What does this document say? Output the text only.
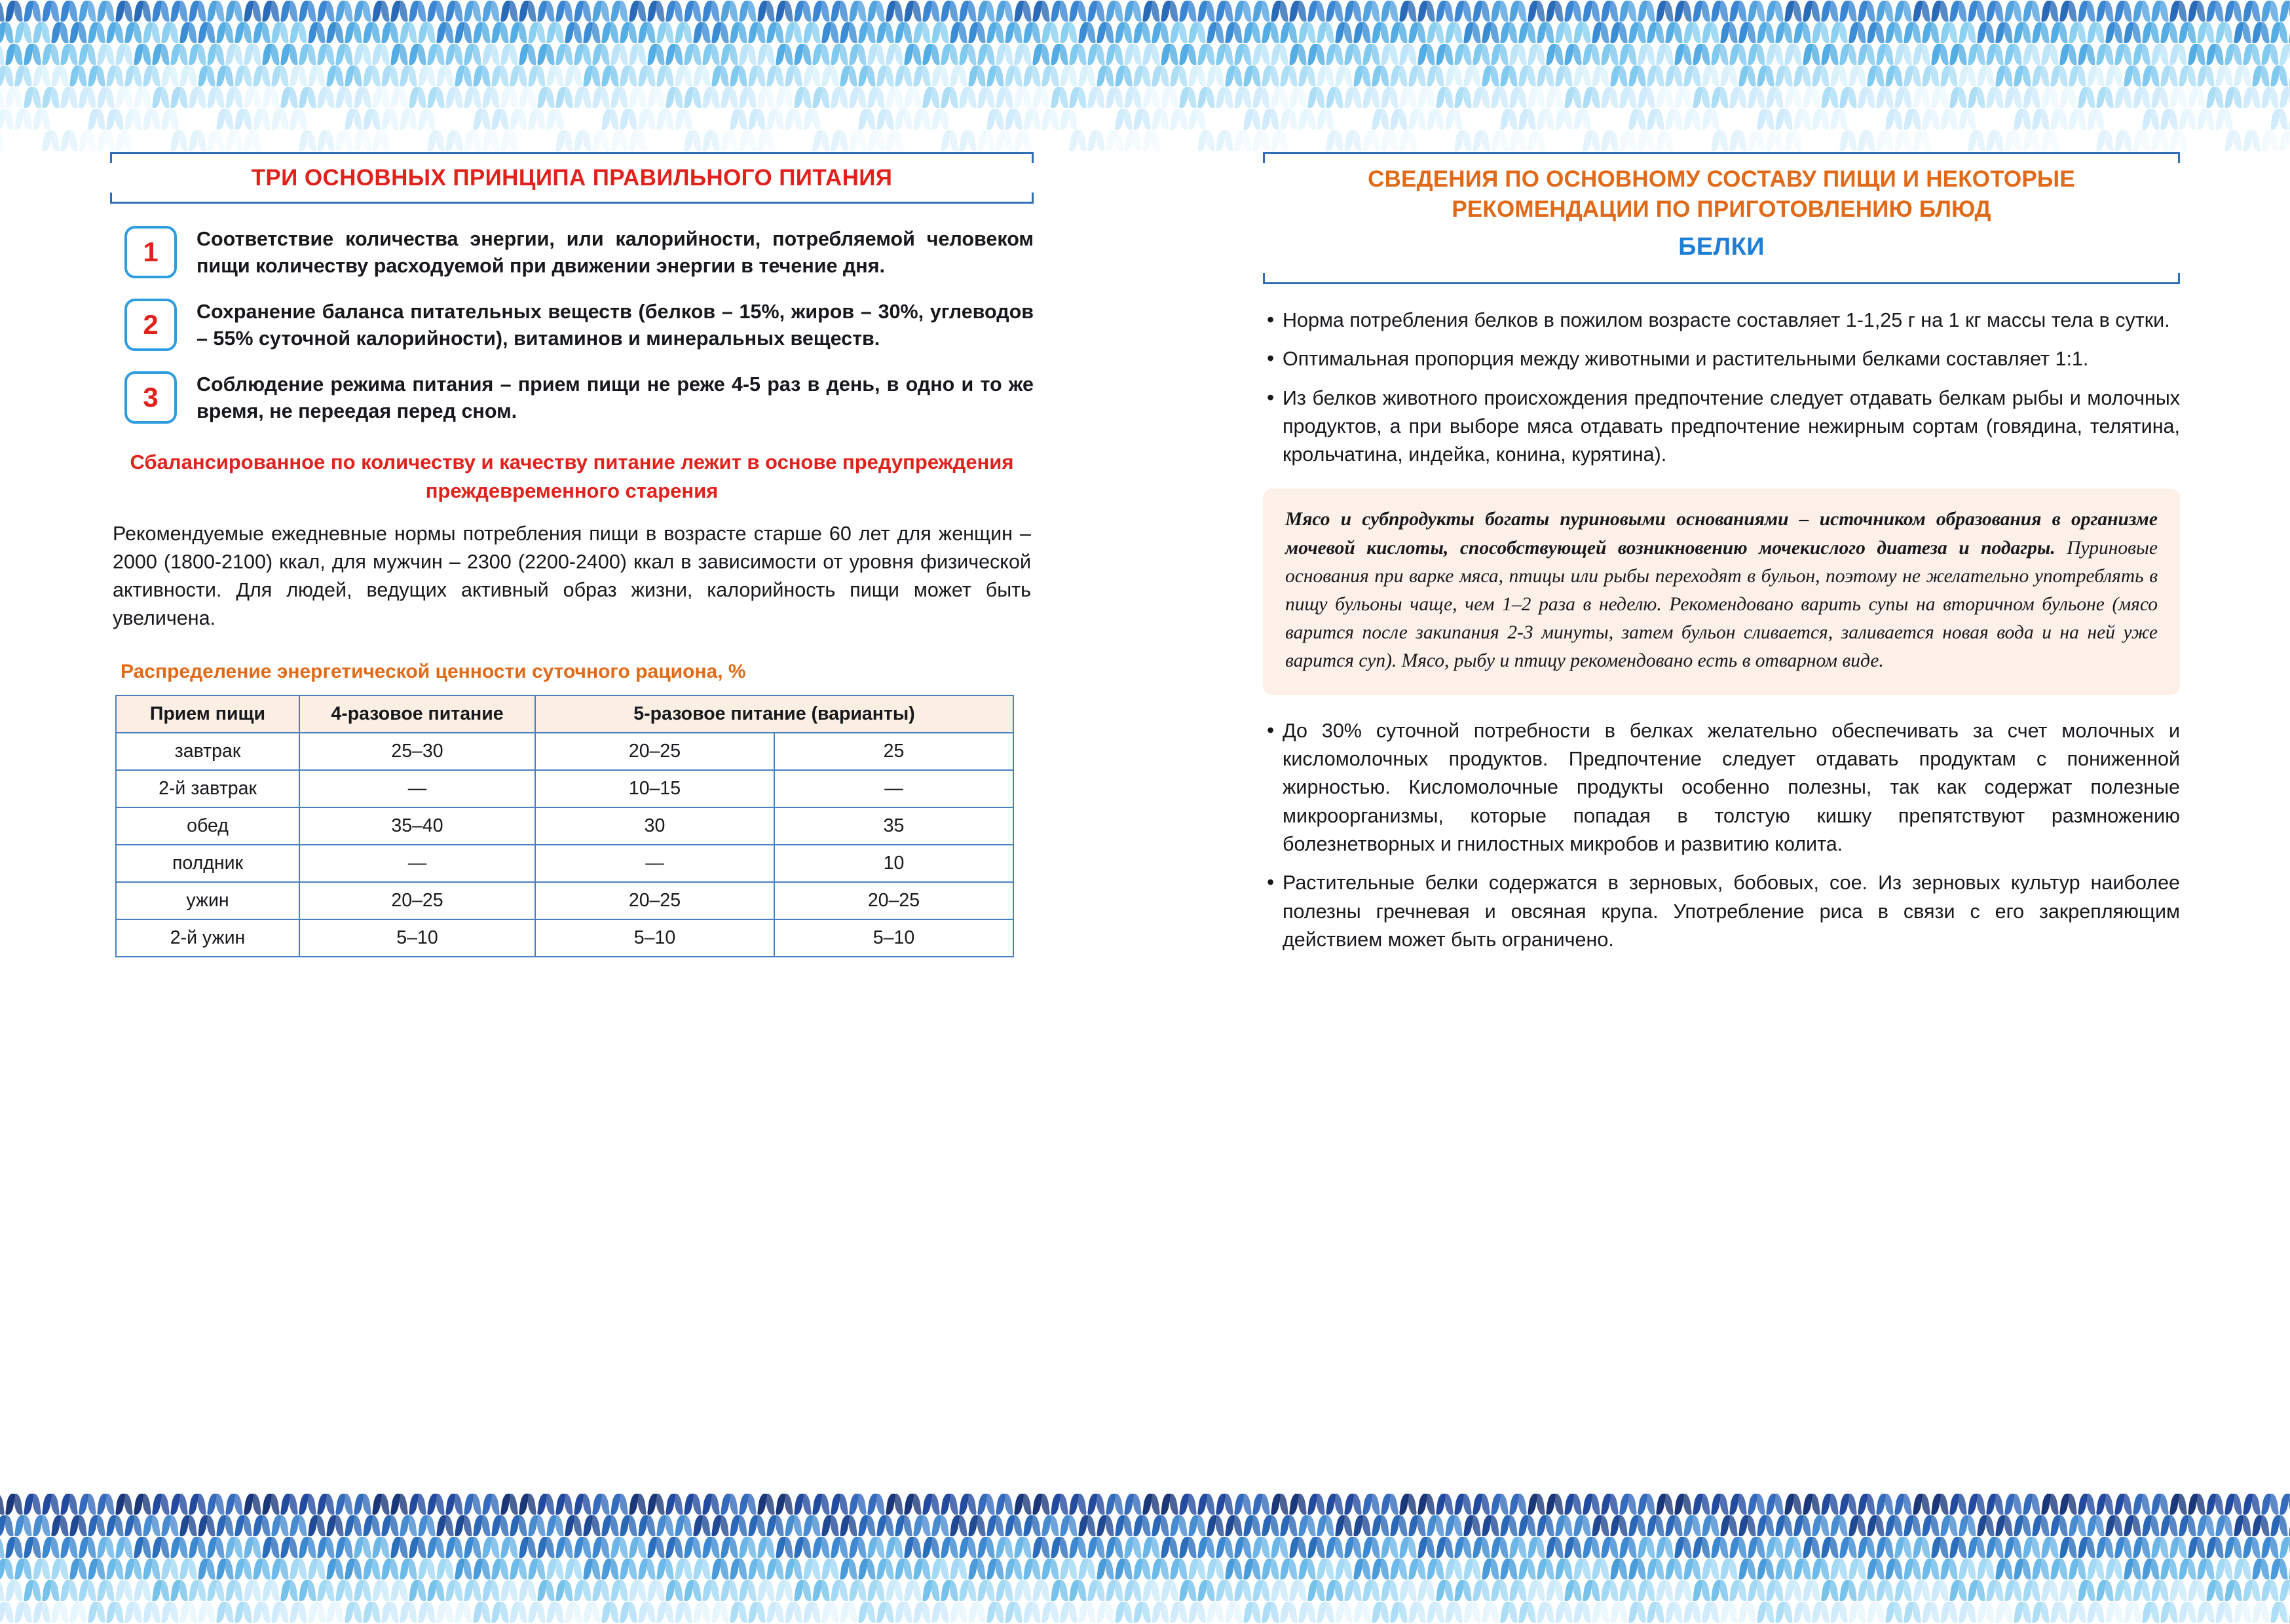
ТРИ ОСНОВНЫХ ПРИНЦИПА ПРАВИЛЬНОГО ПИТАНИЯ
1	Соответствие количества энергии, или калорийности, потребляемой человеком пищи количеству расходуемой при движении энергии в течение дня.
2	Сохранение баланса питательных веществ (белков – 15%, жиров – 30%, углеводов – 55% суточной калорийности), витаминов и минеральных веществ.
3	Соблюдение режима питания – прием пищи не реже 4-5 раз в день, в одно и то же время, не переедая перед сном.
Сбалансированное по количеству и качеству питание лежит в основе предупреждения преждевременного старения
Рекомендуемые ежедневные нормы потребления пищи в возрасте старше 60 лет для женщин – 2000 (1800-2100) ккал, для мужчин – 2300 (2200-2400) ккал в зависимости от уровня физической активности. Для людей, ведущих активный образ жизни, калорийность пищи может быть увеличена.
Распределение энергетической ценности суточного рациона, %
Прием пищи	4-разовое питание	5-разовое питание (варианты)	
завтрак	25–30	20–25	25
2-й завтрак	—	10–15	—
обед	35–40	30	35
полдник	—	—	10
ужин	20–25	20–25	20–25
2-й ужин	5–10	5–10	5–10
СВЕДЕНИЯ ПО ОСНОВНОМУ СОСТАВУ ПИЩИ И НЕКОТОРЫЕ РЕКОМЕНДАЦИИ ПО ПРИГОТОВЛЕНИЮ БЛЮД
БЕЛКИ
• Норма потребления белков в пожилом возрасте составляет 1-1,25 г на 1 кг массы тела в сутки.
• Оптимальная пропорция между животными и растительными белками составляет 1:1.
• Из белков животного происхождения предпочтение следует отдавать белкам рыбы и молочных продуктов, а при выборе мяса отдавать предпочтение нежирным сортам (говядина, телятина, крольчатина, индейка, конина, курятина).

Мясо и субпродукты богаты пуриновыми основаниями – источником образования в организме мочевой кислоты, способствующей возникновению мочекислого диатеза и подагры. Пуриновые основания при варке мяса, птицы или рыбы переходят в бульон, поэтому не желательно употреблять в пищу бульоны чаще, чем 1–2 раза в неделю. Рекомендовано варить супы на вторичном бульоне (мясо варится после закипания 2-3 минуты, затем бульон сливается, заливается новая вода и на ней уже варится суп). Мясо, рыбу и птицу рекомендовано есть в отварном виде.

• До 30% суточной потребности в белках желательно обеспечивать за счет молочных и кисломолочных продуктов. Предпочтение следует отдавать продуктам с пониженной жирностью. Кисломолочные продукты особенно полезны, так как содержат полезные микроорганизмы, которые попадая в толстую кишку препятствуют размножению болезнетворных и гнилостных микробов и развитию колита.
• Растительные белки содержатся в зерновых, бобовых, сое. Из зерновых культур наиболее полезны гречневая и овсяная крупа. Употребление риса в связи с его закрепляющим действием может быть ограничено.
